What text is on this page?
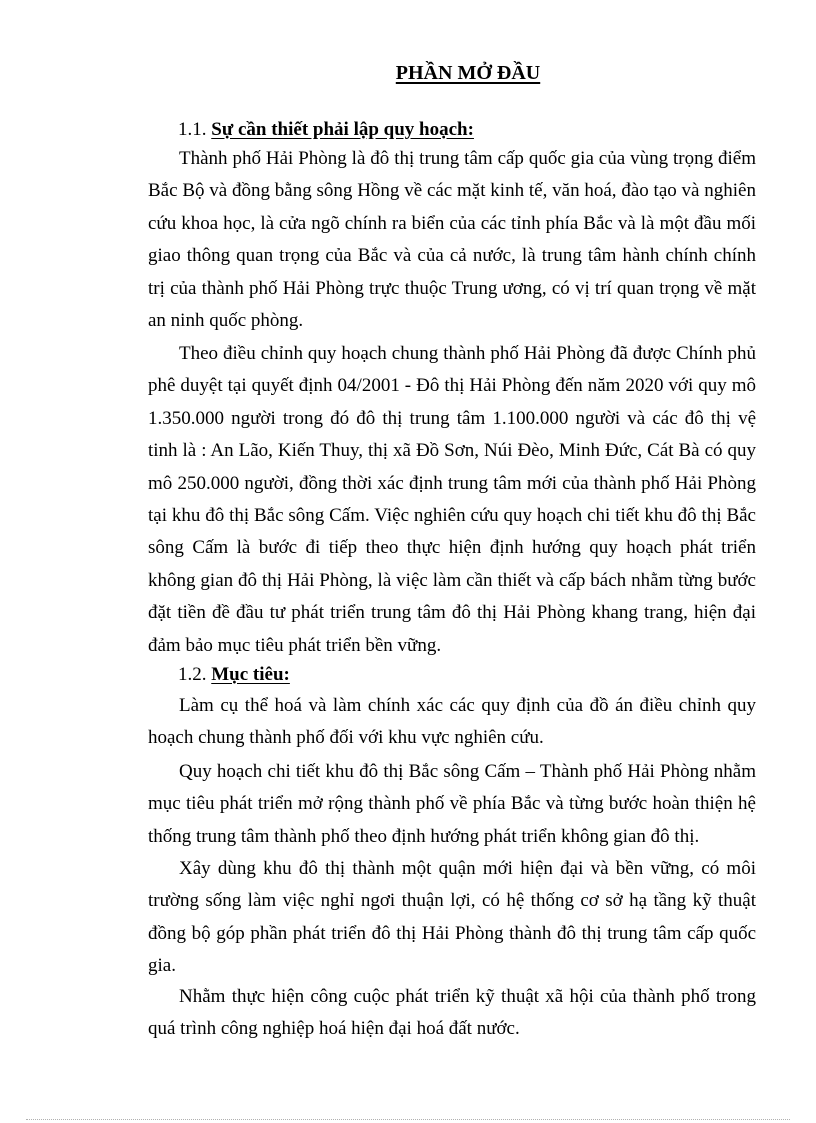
PHẦN MỞ ĐẦU
1.1. Sự cần thiết phải lập quy hoạch:

Thành phố Hải Phòng là đô thị trung tâm cấp quốc gia của vùng trọng điểm Bắc Bộ và đồng bằng sông Hồng về các mặt kinh tế, văn hoá, đào tạo và nghiên cứu khoa học, là cửa ngõ chính ra biển của các tỉnh phía Bắc và là một đầu mối giao thông quan trọng của Bắc và của cả nước, là trung tâm hành chính chính trị của thành phố Hải Phòng trực thuộc Trung ương, có vị trí quan trọng về mặt an ninh quốc phòng.

Theo điều chỉnh quy hoạch chung thành phố Hải Phòng đã được Chính phủ phê duyệt tại quyết định 04/2001 - Đô thị Hải Phòng đến năm 2020 với quy mô 1.350.000 người trong đó đô thị trung tâm 1.100.000 người và các đô thị vệ tinh là : An Lão, Kiến Thuy, thị xã Đồ Sơn, Núi Đèo, Minh Đức, Cát Bà có quy mô 250.000 người, đồng thời xác định trung tâm mới của thành phố Hải Phòng tại khu đô thị Bắc sông Cấm. Việc nghiên cứu quy hoạch chi tiết khu đô thị Bắc sông Cấm là bước đi tiếp theo thực hiện định hướng quy hoạch phát triển không gian đô thị Hải Phòng, là việc làm cần thiết và cấp bách nhằm từng bước đặt tiền đề đầu tư phát triển trung tâm đô thị Hải Phòng khang trang, hiện đại đảm bảo mục tiêu phát triển bền vững.

1.2. Mục tiêu:

Làm cụ thể hoá và làm chính xác các quy định của đồ án điều chỉnh quy hoạch chung thành phố đối với khu vực nghiên cứu.

Quy hoạch chi tiết khu đô thị Bắc sông Cấm – Thành phố Hải Phòng nhằm mục tiêu phát triển mở rộng thành phố về phía Bắc và từng bước hoàn thiện hệ thống trung tâm thành phố theo định hướng phát triển không gian đô thị.

Xây dùng khu đô thị thành một quận mới hiện đại và bền vững, có môi trường sống làm việc nghỉ ngơi thuận lợi, có hệ thống cơ sở hạ tầng kỹ thuật đồng bộ góp phần phát triển đô thị Hải Phòng thành đô thị trung tâm cấp quốc gia.

Nhằm thực hiện công cuộc phát triển kỹ thuật xã hội của thành phố trong quá trình công nghiệp hoá hiện đại hoá đất nước.
